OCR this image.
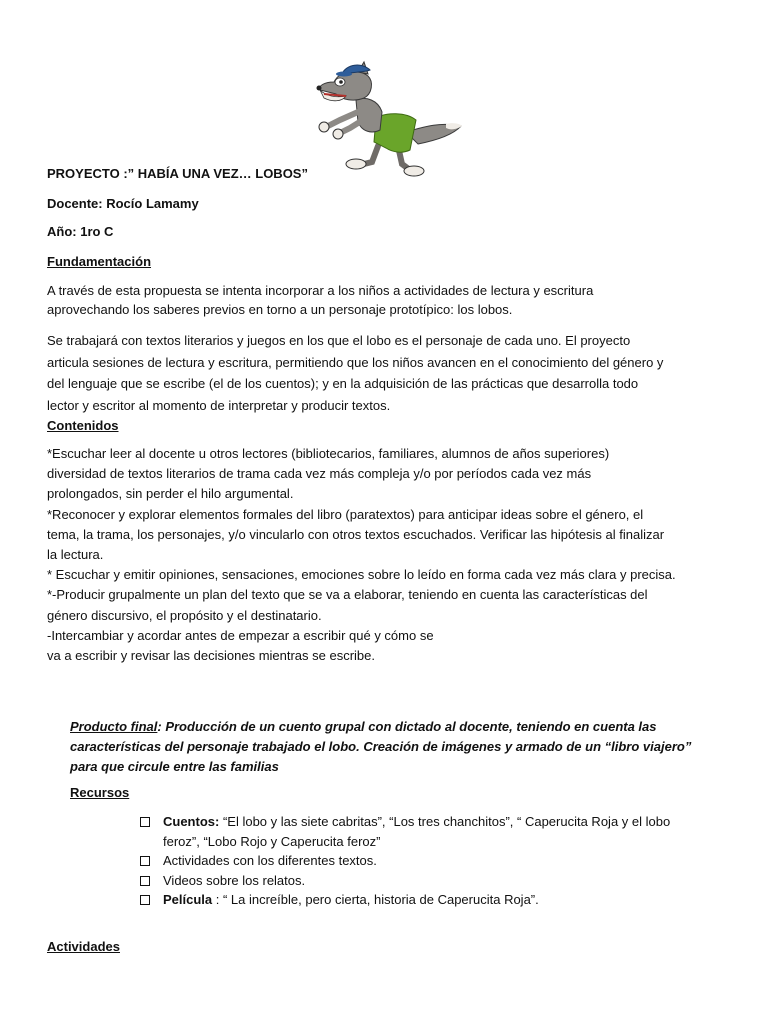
PROYECTO :” HABÍA UNA VEZ… LOBOS”
Docente: Rocío Lamamy
Año: 1ro C
Fundamentación
A través de esta propuesta se intenta incorporar a los niños a actividades de lectura y escritura
aprovechando los saberes previos en torno a un personaje prototípico: los lobos.
Se trabajará con textos literarios y juegos en los que el lobo es el personaje de cada uno. El proyecto
articula sesiones de lectura y escritura, permitiendo que los niños avancen en el conocimiento del género y
del lenguaje que se escribe (el de los cuentos); y en la adquisición de las prácticas que desarrolla todo
lector y escritor al momento de interpretar y producir textos.
Contenidos
*Escuchar leer al docente u otros lectores (bibliotecarios, familiares, alumnos de años superiores)
diversidad de textos literarios de trama cada vez más compleja y/o por períodos cada vez más
prolongados, sin perder el hilo argumental.
*Reconocer y explorar elementos formales del libro (paratextos) para anticipar ideas sobre el género, el
tema, la trama, los personajes, y/o vincularlo con otros textos escuchados. Verificar las hipótesis al finalizar
la lectura.
* Escuchar y emitir opiniones, sensaciones, emociones sobre lo leído en forma cada vez más clara y precisa.
*-Producir grupalmente un plan del texto que se va a elaborar, teniendo en cuenta las características del
género discursivo, el propósito y el destinatario.
-Intercambiar y acordar antes de empezar a escribir qué y cómo se
va a escribir y revisar las decisiones mientras se escribe.
Producto final: Producción de un cuento grupal con dictado al docente, teniendo en cuenta las
características del personaje trabajado el lobo. Creación de imágenes y armado de un “libro viajero”
para que circule entre las familias
Recursos
Cuentos: “El lobo y las siete cabritas”, “Los tres chanchitos”, “ Caperucita Roja y el lobo
feroz”, “Lobo Rojo y Caperucita feroz”
Actividades con los diferentes textos.
Videos sobre los relatos.
Película : “ La increíble, pero cierta, historia de Caperucita Roja”.
Actividades
